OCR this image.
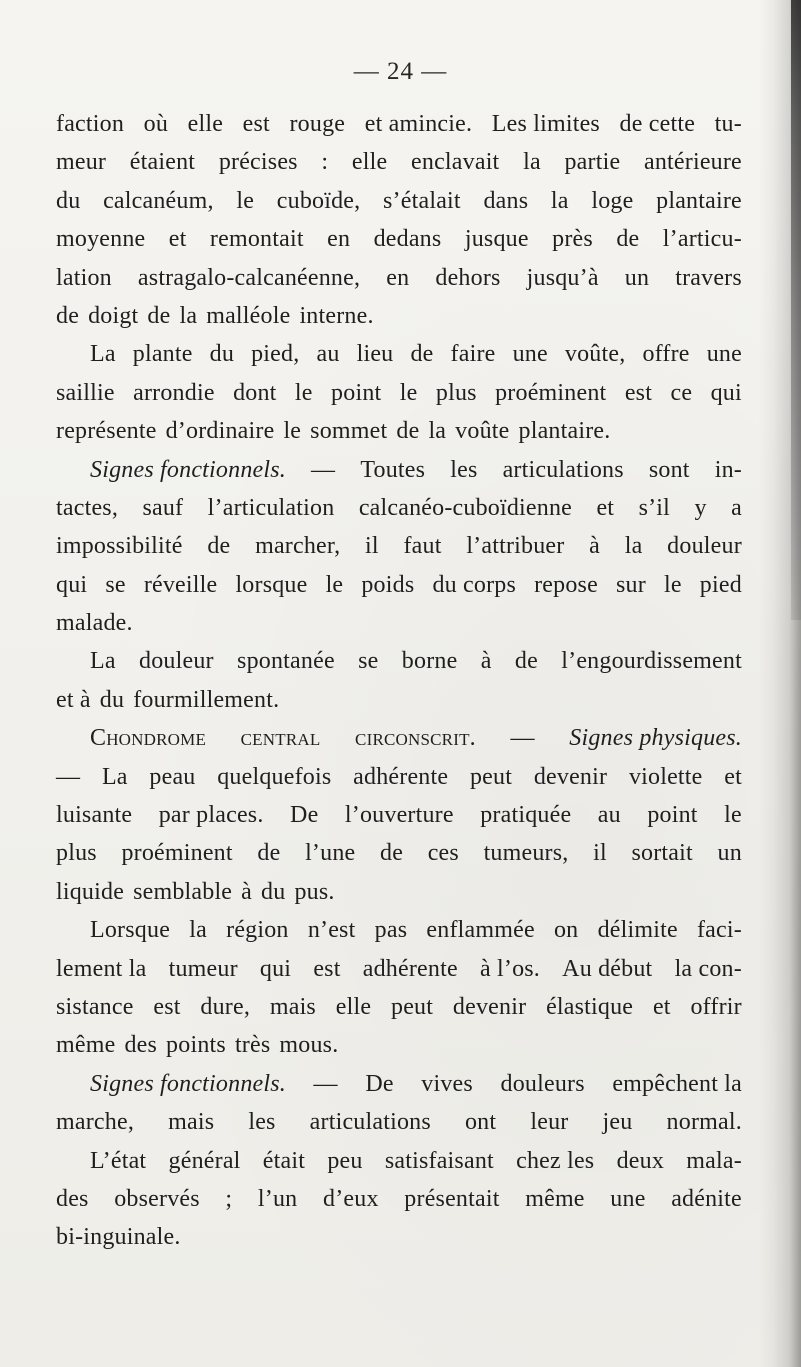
— 24 —
faction où elle est rouge et amincie. Les limites de cette tu-
meur étaient précises : elle enclavait la partie antérieure
du calcanéum, le cuboïde, s’étalait dans la loge plantaire
moyenne et remontait en dedans jusque près de l’articu-
lation astragalo-calcanéenne, en dehors jusqu’à un travers
de doigt de la malléole interne.
La plante du pied, au lieu de faire une voûte, offre une
saillie arrondie dont le point le plus proéminent est ce qui
représente d’ordinaire le sommet de la voûte plantaire.
Signes fonctionnels. — Toutes les articulations sont in-
tactes, sauf l’articulation calcanéo-cuboïdienne et s’il y a
impossibilité de marcher, il faut l’attribuer à la douleur
qui se réveille lorsque le poids du corps repose sur le pied
malade.
La douleur spontanée se borne à de l’engourdissement
et à du fourmillement.
Chondrome central circonscrit. — Signes physiques.
— La peau quelquefois adhérente peut devenir violette et
luisante par places. De l’ouverture pratiquée au point le
plus proéminent de l’une de ces tumeurs, il sortait un
liquide semblable à du pus.
Lorsque la région n’est pas enflammée on délimite faci-
lement la tumeur qui est adhérente à l’os. Au début la con-
sistance est dure, mais elle peut devenir élastique et offrir
même des points très mous.
Signes fonctionnels. — De vives douleurs empêchent la
marche, mais les articulations ont leur jeu normal.
L’état général était peu satisfaisant chez les deux mala-
des observés ; l’un d’eux présentait même une adénite
bi-inguinale.
